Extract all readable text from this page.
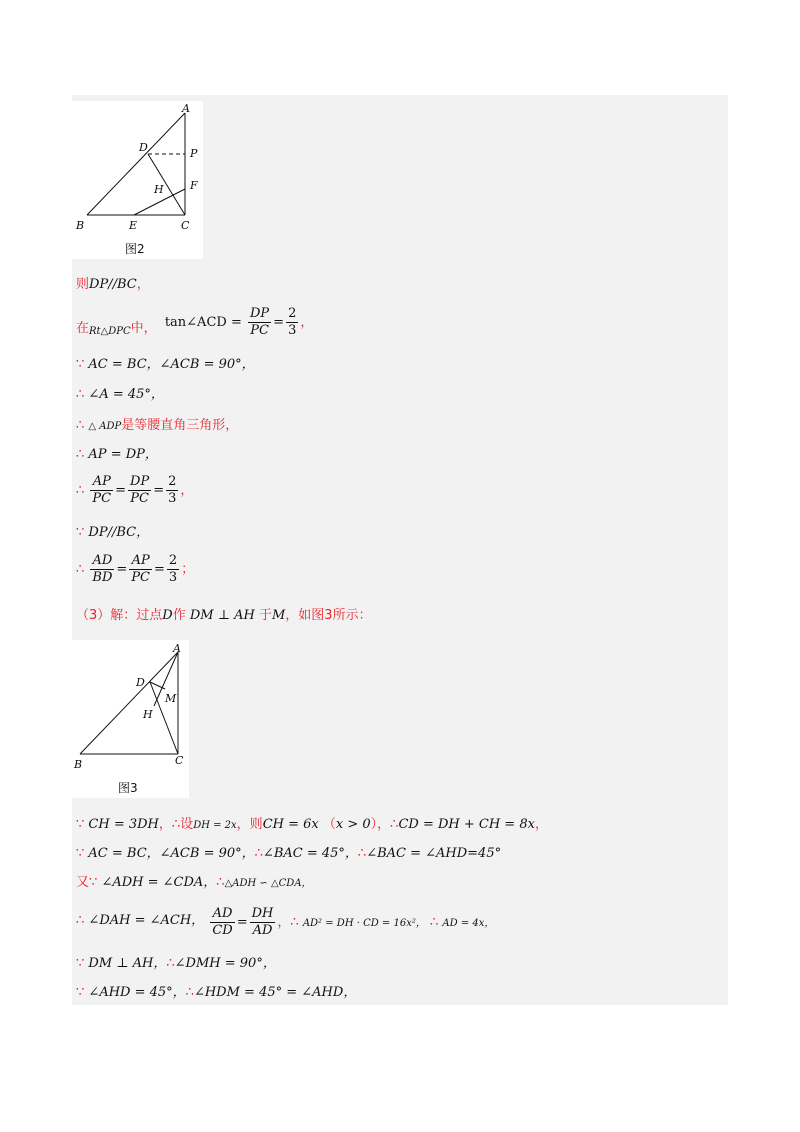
A
D	P
F
H
B	E	C
图2
则DP//BC，
在$_{Rt\triangle DPC}$中， tan∠ACD = $\frac{DP}{PC} = \frac{2}{3}$ ，
∵ AC = BC，∠ACB = 90°，
∴ ∠A = 45°，
∴ △ ADP是等腰直角三角形，
∴ AP = DP，
∴ $\frac{AP}{PC} = \frac{DP}{PC} = \frac{2}{3}$ ，
∵ DP//BC，
∴ $\frac{AD}{BD} = \frac{AP}{PC} = \frac{2}{3}$ ；
（3）解：过点D作 DM ⊥ AH 于M，如图3所示：
A
D
M
H
B	C
图3
∵ CH = 3DH，∴设DH = 2x，则CH = 6x （x > 0），∴CD = DH + CH = 8x，
∵ AC = BC，∠ACB = 90°，∴∠BAC = 45°，∴∠BAC = ∠AHD=45°
又∵ ∠ADH = ∠CDA，∴△ADH ∽ △CDA，
∴ ∠DAH = ∠ACH， $\frac{AD}{CD} = \frac{DH}{AD}$ ，∴ AD² = DH · CD = 16x²， ∴ AD = 4x，
∵ DM ⊥ AH，∴∠DMH = 90°，
∵ ∠AHD = 45°，∴∠HDM = 45° = ∠AHD，
